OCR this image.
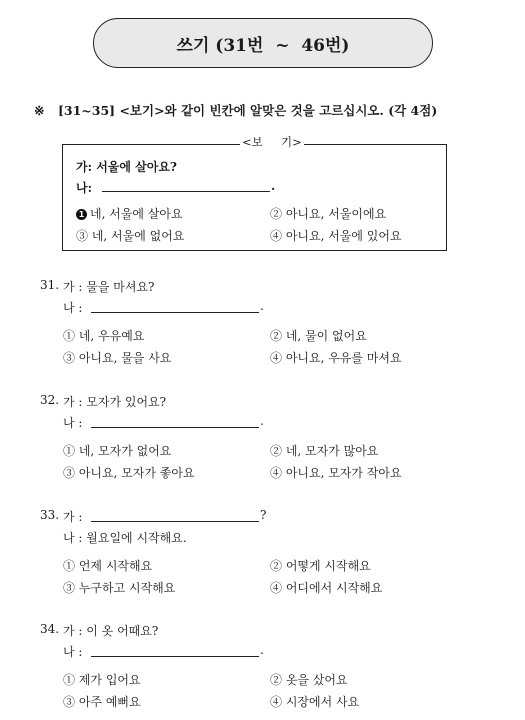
쓰기 (31번  ~  46번)
※ [31~35] <보기>와 같이 빈칸에 알맞은 것을 고르십시오. (각 4점)
<보     기>
가: 서울에 살아요?
나:	.
1 네, 서울에 살아요	② 아니요, 서울이에요
③ 네, 서울에 없어요	④ 아니요, 서울에 있어요
31. 가 : 물을 마셔요?
나 :	.
① 네, 우유예요	② 네, 물이 없어요
③ 아니요, 물을 사요	④ 아니요, 우유를 마셔요
32. 가 : 모자가 있어요?
나 :	.
① 네, 모자가 없어요	② 네, 모자가 많아요
③ 아니요, 모자가 좋아요	④ 아니요, 모자가 작아요
33. 가 :	?
나 : 월요일에 시작해요.
① 언제 시작해요	② 어떻게 시작해요
③ 누구하고 시작해요	④ 어디에서 시작해요
34. 가 : 이 옷 어때요?
나 :	.
① 제가 입어요	② 옷을 샀어요
③ 아주 예뻐요	④ 시장에서 사요
